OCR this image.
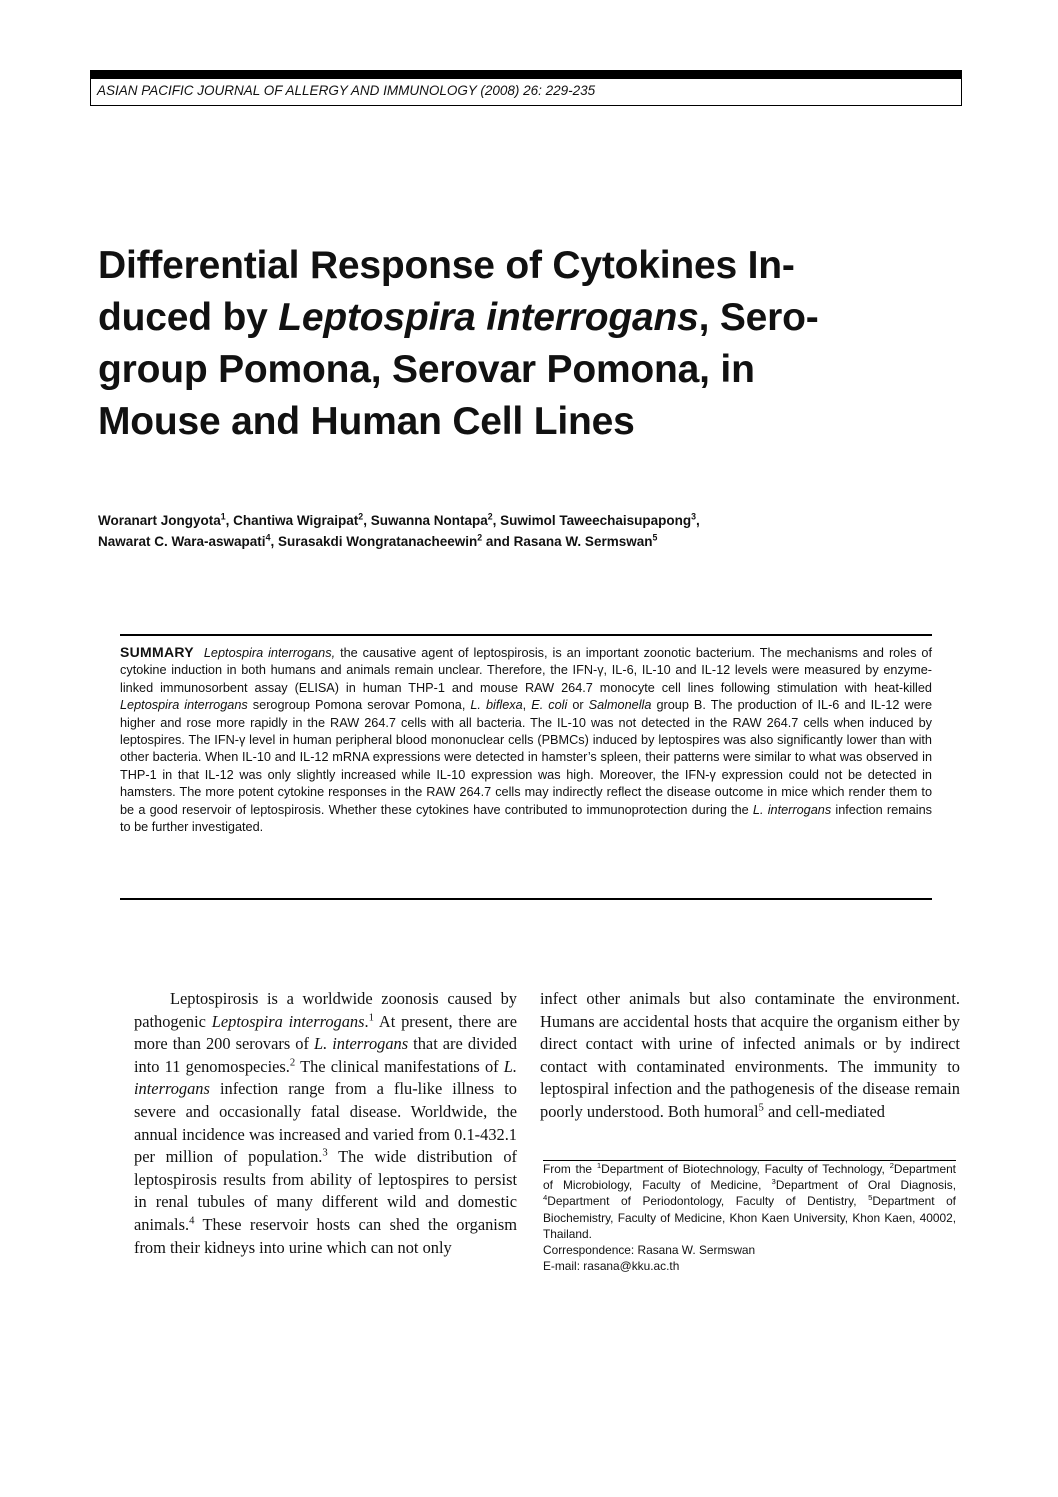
ASIAN PACIFIC JOURNAL OF ALLERGY AND IMMUNOLOGY (2008) 26: 229-235
Differential Response of Cytokines In-
duced by Leptospira interrogans, Sero-
group Pomona, Serovar Pomona, in
Mouse and Human Cell Lines
Woranart Jongyota$^1$, Chantiwa Wigraipat$^2$, Suwanna Nontapa$^2$, Suwimol Taweechaisupapong$^3$,
Nawarat C. Wara-aswapati$^4$, Surasakdi Wongratanacheewin$^2$ and Rasana W. Sermswan$^5$

SUMMARY Leptospira interrogans, the causative agent of leptospirosis, is an important zoonotic bacterium. The mechanisms and roles of cytokine induction in both humans and animals remain unclear. Therefore, the IFN-γ, IL-6, IL-10 and IL-12 levels were measured by enzyme-linked immunosorbent assay (ELISA) in human THP-1 and mouse RAW 264.7 monocyte cell lines following stimulation with heat-killed Leptospira interrogans serogroup Pomona serovar Pomona, L. biflexa, E. coli or Salmonella group B. The production of IL-6 and IL-12 were higher and rose more rapidly in the RAW 264.7 cells with all bacteria. The IL-10 was not detected in the RAW 264.7 cells when induced by leptospires. The IFN-γ level in human peripheral blood mononuclear cells (PBMCs) induced by leptospires was also significantly lower than with other bacteria. When IL-10 and IL-12 mRNA expressions were detected in hamster’s spleen, their patterns were similar to what was observed in THP-1 in that IL-12 was only slightly increased while IL-10 expression was high. Moreover, the IFN-γ expression could not be detected in hamsters. The more potent cytokine responses in the RAW 264.7 cells may indirectly reflect the disease outcome in mice which render them to be a good reservoir of leptospirosis. Whether these cytokines have contributed to immunoprotection during the L. interrogans infection remains to be further investigated.

Leptospirosis is a worldwide zoonosis caused by pathogenic Leptospira interrogans.$^1$ At present, there are more than 200 serovars of L. interrogans that are divided into 11 genomospecies.$^2$ The clinical manifestations of L. interrogans infection range from a flu-like illness to severe and occasionally fatal disease. Worldwide, the annual incidence was increased and varied from 0.1-432.1 per million of population.$^3$ The wide distribution of leptospirosis results from ability of leptospires to persist in renal tubules of many different wild and domestic animals.$^4$ These reservoir hosts can shed the organism from their kidneys into urine which can not only

infect other animals but also contaminate the environment. Humans are accidental hosts that acquire the organism either by direct contact with urine of infected animals or by indirect contact with contaminated environments. The immunity to leptospiral infection and the pathogenesis of the disease remain poorly understood. Both humoral$^5$ and cell-mediated

From the $^1$Department of Biotechnology, Faculty of Technology, $^2$Department of Microbiology, Faculty of Medicine, $^3$Department of Oral Diagnosis, $^4$Department of Periodontology, Faculty of Dentistry, $^5$Department of Biochemistry, Faculty of Medicine, Khon Kaen University, Khon Kaen, 40002, Thailand.

Correspondence: Rasana W. Sermswan

E-mail: rasana@kku.ac.th
